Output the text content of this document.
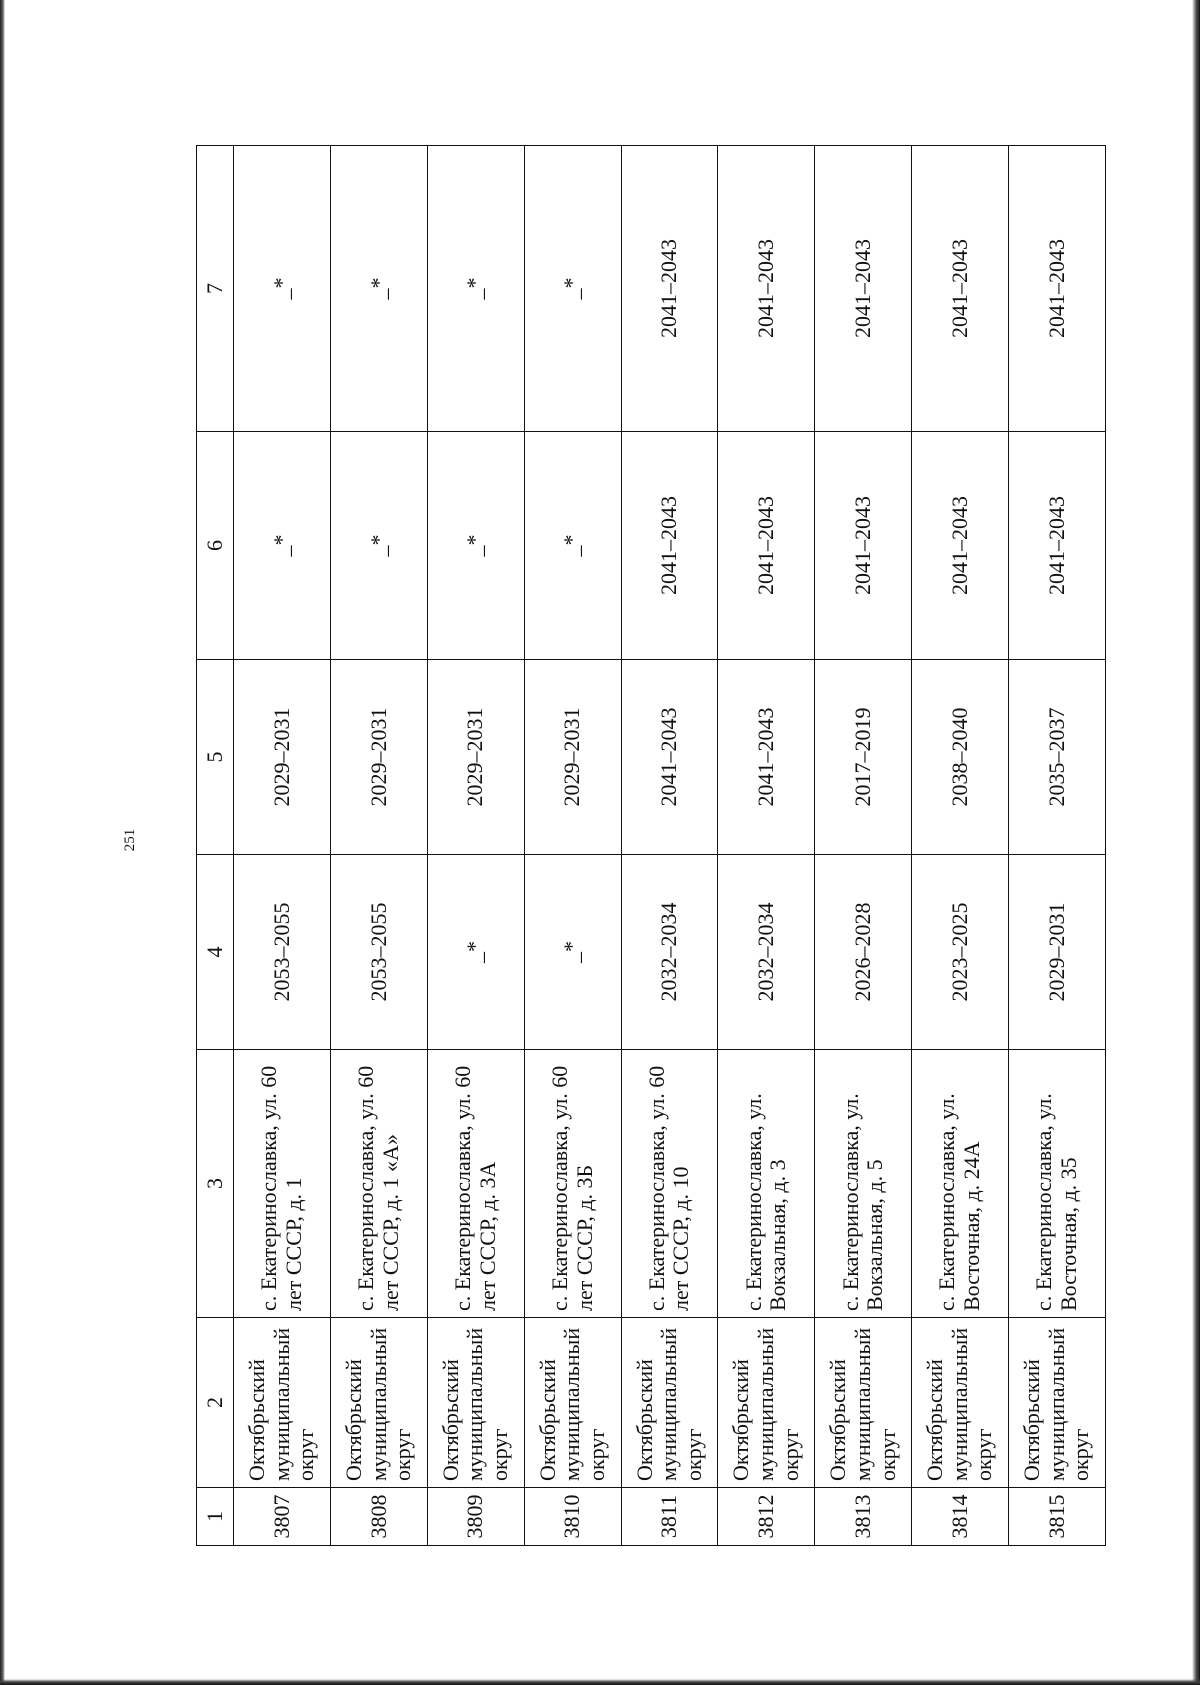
251
1	2	3	4	5	6	7
3807	Октябрьский муниципальный округ	с. Екатеринославка, ул. 60 лет СССР, д. 1	2053–2055	2029–2031	_*	_*
3808	Октябрьский муниципальный округ	с. Екатеринославка, ул. 60 лет СССР, д. 1 «А»	2053–2055	2029–2031	_*	_*
3809	Октябрьский муниципальный округ	с. Екатеринославка, ул. 60 лет СССР, д. 3А	_*	2029–2031	_*	_*
3810	Октябрьский муниципальный округ	с. Екатеринославка, ул. 60 лет СССР, д. 3Б	_*	2029–2031	_*	_*
3811	Октябрьский муниципальный округ	с. Екатеринославка, ул. 60 лет СССР, д. 10	2032–2034	2041–2043	2041–2043	2041–2043
3812	Октябрьский муниципальный округ	с. Екатеринославка, ул. Вокзальная, д. 3	2032–2034	2041–2043	2041–2043	2041–2043
3813	Октябрьский муниципальный округ	с. Екатеринославка, ул. Вокзальная, д. 5	2026–2028	2017–2019	2041–2043	2041–2043
3814	Октябрьский муниципальный округ	с. Екатеринославка, ул. Восточная, д. 24А	2023–2025	2038–2040	2041–2043	2041–2043
3815	Октябрьский муниципальный округ	с. Екатеринославка, ул. Восточная, д. 35	2029–2031	2035–2037	2041–2043	2041–2043
